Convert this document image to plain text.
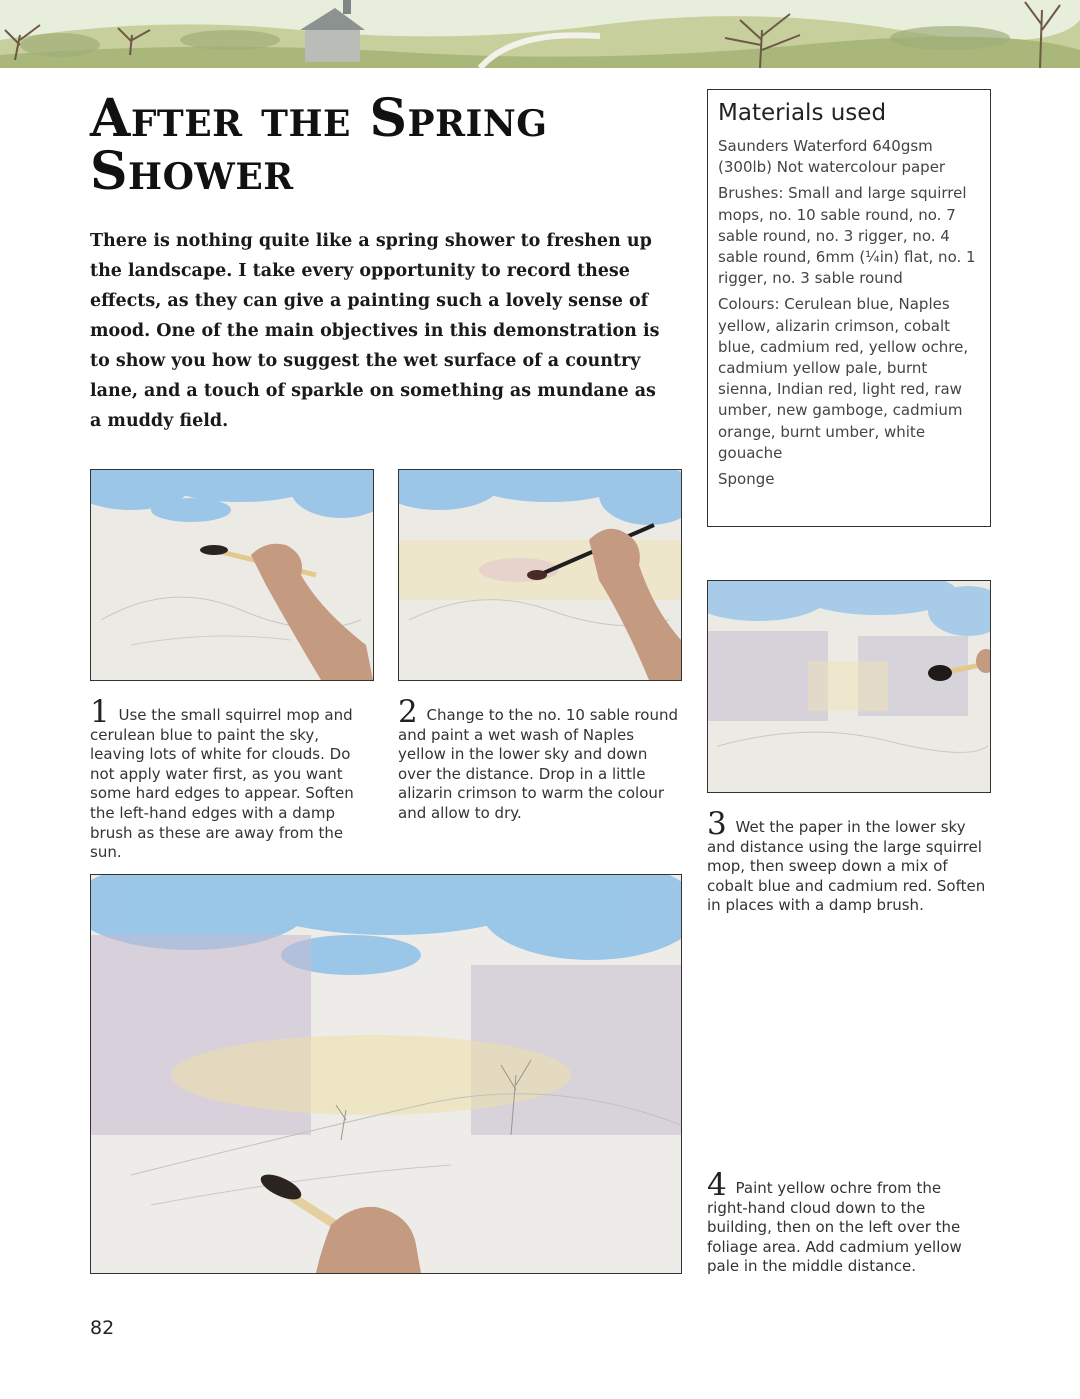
After the Spring Shower

There is nothing quite like a spring shower to freshen up the landscape. I take every opportunity to record these effects, as they can give a painting such a lovely sense of mood. One of the main objectives in this demonstration is to show you how to suggest the wet surface of a country lane, and a touch of sparkle on something as mundane as a muddy field.

Materials used

Saunders Waterford 640gsm (300lb) Not watercolour paper

Brushes: Small and large squirrel mops, no. 10 sable round, no. 7 sable round, no. 3 rigger, no. 4 sable round, 6mm (¼in) flat, no. 1 rigger, no. 3 sable round

Colours: Cerulean blue, Naples yellow, alizarin crimson, cobalt blue, cadmium red, yellow ochre, cadmium yellow pale, burnt sienna, Indian red, light red, raw umber, new gamboge, cadmium orange, burnt umber, white gouache

Sponge

1 Use the small squirrel mop and cerulean blue to paint the sky, leaving lots of white for clouds. Do not apply water first, as you want some hard edges to appear. Soften the left-hand edges with a damp brush as these are away from the sun.
2 Change to the no. 10 sable round and paint a wet wash of Naples yellow in the lower sky and down over the distance. Drop in a little alizarin crimson to warm the colour and allow to dry.	3 Wet the paper in the lower sky and distance using the large squirrel mop, then sweep down a mix of cobalt blue and cadmium red. Soften in places with a damp brush.
4 Paint yellow ochre from the right-hand cloud down to the building, then on the left over the foliage area. Add cadmium yellow pale in the middle distance.
82
